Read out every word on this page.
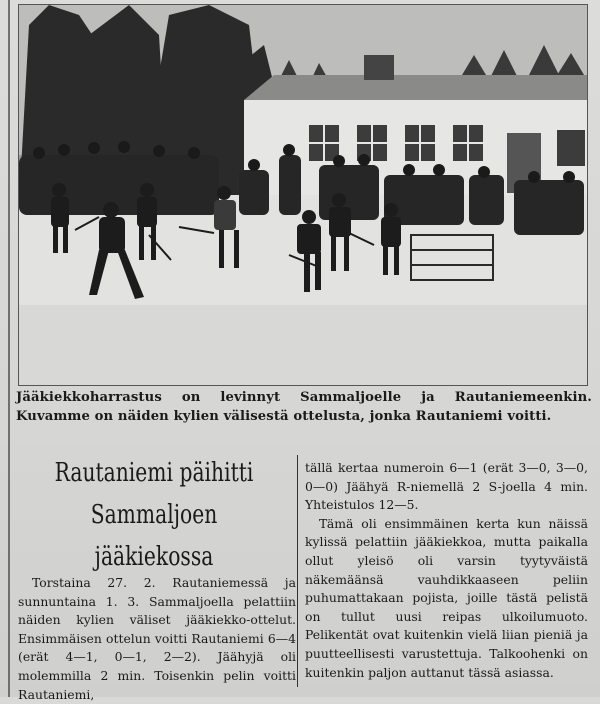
Jääkiekkoharrastus on levinnyt Sammaljoelle ja Rautaniemeenkin. Kuvamme on näiden kylien välisestä ottelusta, jonka Rautaniemi voitti.
Rautaniemi päihitti
Sammaljoen
jääkiekossa

Torstaina 27. 2. Rautaniemessä ja sunnuntaina 1. 3. Sammaljoella pelattiin näiden kylien väliset jääkiekko-ottelut. Ensimmäisen ottelun voitti Rautaniemi 6—4 (erät 4—1, 0—1, 2—2). Jäähyjä oli molemmilla 2 min. Toisenkin pelin voitti Rautaniemi,

tällä kertaa numeroin 6—1 (erät 3—0, 3—0, 0—0) Jäähyä R-niemellä 2 S-joella 4 min. Yhteistulos 12—5.

Tämä oli ensimmäinen kerta kun näissä kylissä pelattiin jääkiekkoa, mutta paikalla ollut yleisö oli varsin tyytyväistä näkemäänsä vauhdikkaaseen peliin puhumattakaan pojista, joille tästä pelistä on tullut uusi reipas ulkoilumuoto. Pelikentät ovat kuitenkin vielä liian pieniä ja puutteellisesti varustettuja. Talkoohenki on kuitenkin paljon auttanut tässä asiassa.
